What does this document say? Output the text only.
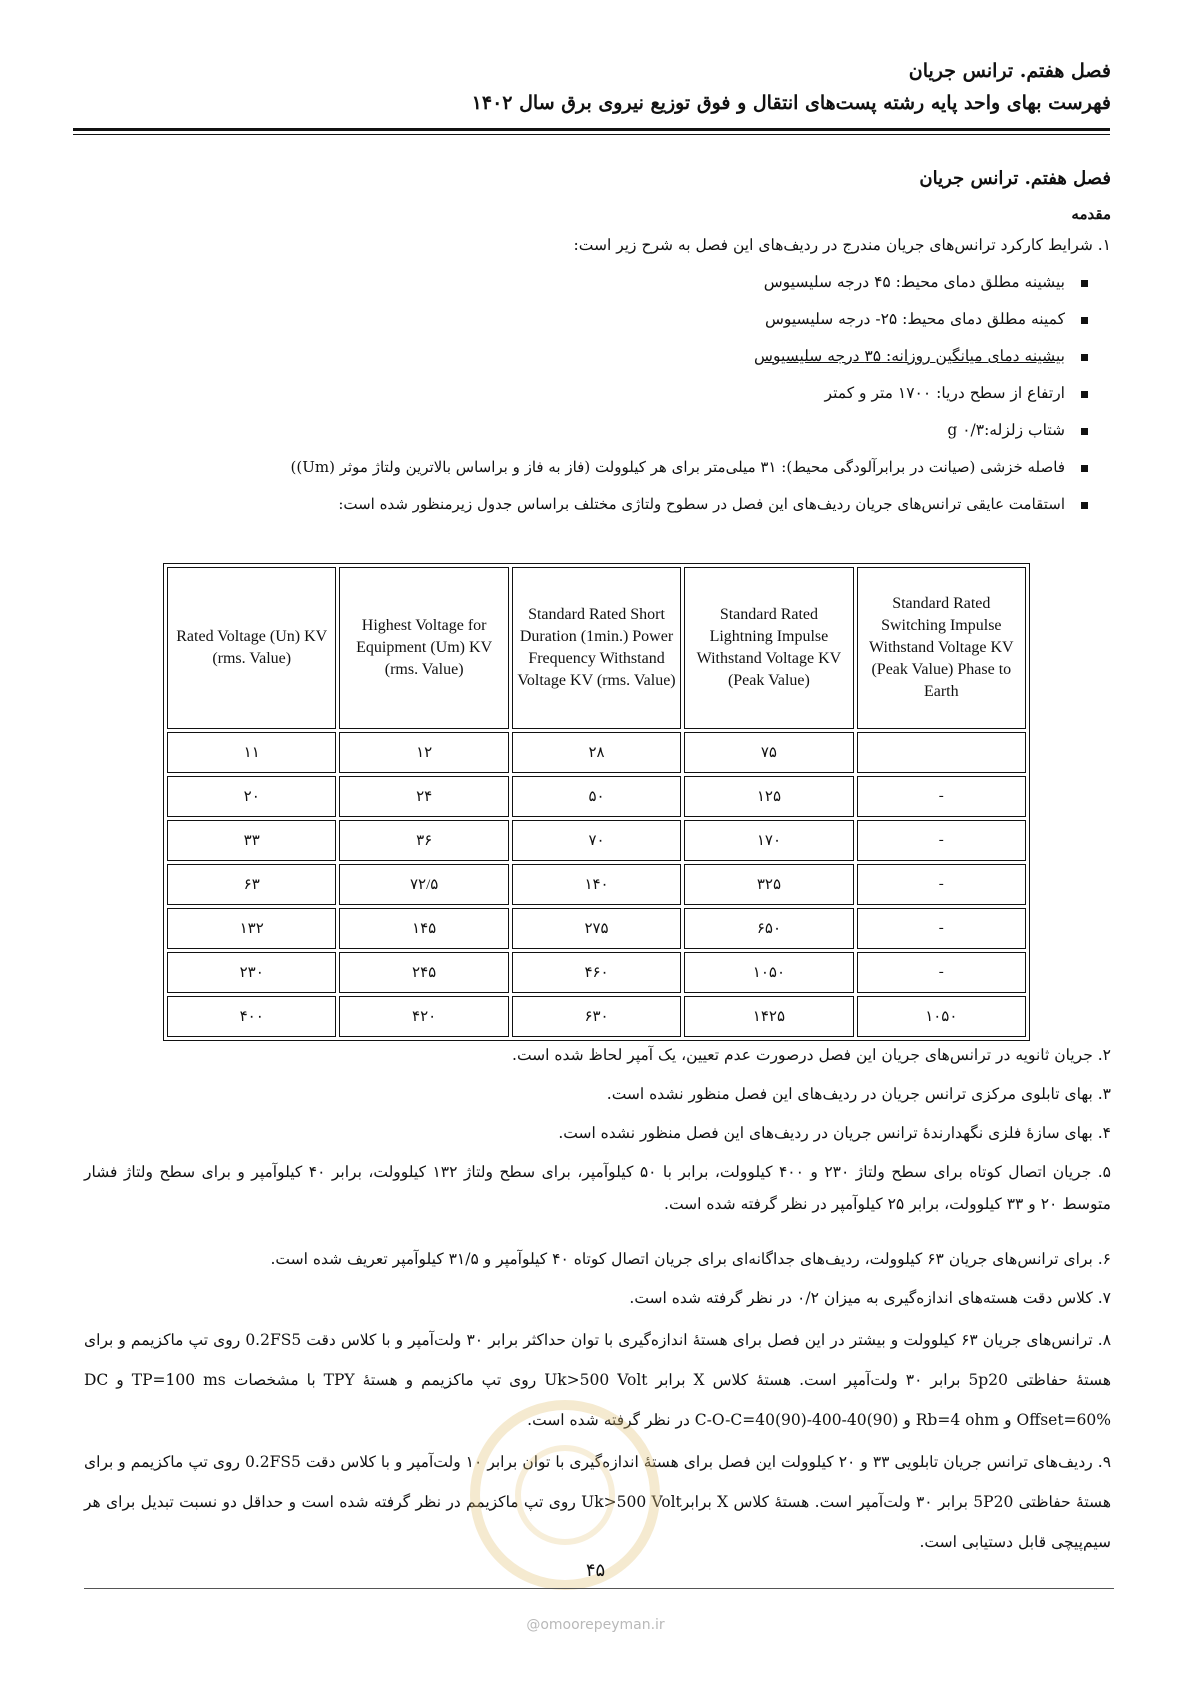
فصل هفتم. ترانس جریان
فهرست بهای واحد پایه رشته پست‌های انتقال و فوق توزیع نیروی برق سال ۱۴۰۲
فصل هفتم. ترانس جریان
مقدمه
۱. شرایط کارکرد ترانس‌های جریان مندرج در ردیف‌های این فصل به شرح زیر است:
بیشینه مطلق دمای محیط: ۴۵ درجه سلیسیوس
کمینه مطلق دمای محیط: ۲۵- درجه سلیسیوس
بیشینه دمای میانگین روزانه: ۳۵ درجه سلیسیوس
ارتفاع از سطح دریا: ۱۷۰۰ متر و کمتر
شتاب زلزله:g ۰/۳
فاصله خزشی (صیانت در برابرآلودگی محیط): ۳۱ میلی‌متر برای هر کیلوولت (فاز به فاز و براساس بالاترین ولتاژ موثر (Um))
استقامت عایقی ترانس‌های جریان ردیف‌های این فصل در سطوح ولتاژی مختلف براساس جدول زیرمنظور شده است:
Standard Rated Switching Impulse Withstand Voltage KV (Peak Value) Phase to Earth	Standard Rated Lightning Impulse Withstand Voltage KV (Peak Value)	Standard Rated Short Duration (1min.) Power Frequency Withstand Voltage KV (rms. Value)	Highest Voltage for Equipment (Um) KV (rms. Value)	Rated Voltage (Un) KV (rms. Value)
	۷۵	۲۸	۱۲	۱۱
-	۱۲۵	۵۰	۲۴	۲۰
-	۱۷۰	۷۰	۳۶	۳۳
-	۳۲۵	۱۴۰	۷۲/۵	۶۳
-	۶۵۰	۲۷۵	۱۴۵	۱۳۲
-	۱۰۵۰	۴۶۰	۲۴۵	۲۳۰
۱۰۵۰	۱۴۲۵	۶۳۰	۴۲۰	۴۰۰
۲. جریان ثانویه در ترانس‌های جریان این فصل درصورت عدم تعیین، یک آمپر لحاظ شده است.
۳. بهای تابلوی مرکزی ترانس جریان در ردیف‌های این فصل منظور نشده است.
۴. بهای سازهٔ فلزی نگهدارندهٔ ترانس جریان در ردیف‌های این فصل منظور نشده است.
۵. جریان اتصال کوتاه برای سطح ولتاژ ۲۳۰ و ۴۰۰ کیلوولت، برابر با ۵۰ کیلوآمپر، برای سطح ولتاژ ۱۳۲ کیلوولت، برابر ۴۰ کیلوآمپر و برای سطح ولتاژ فشار متوسط ۲۰ و ۳۳ کیلوولت، برابر ۲۵ کیلوآمپر در نظر گرفته شده است.
۶. برای ترانس‌های جریان ۶۳ کیلوولت، ردیف‌های جداگانه‌ای برای جریان اتصال کوتاه ۴۰ کیلوآمپر و ۳۱/۵ کیلوآمپر تعریف شده است.
۷. کلاس دقت هسته‌های اندازه‌گیری به میزان ۰/۲ در نظر گرفته شده است.
۸. ترانس‌های جریان ۶۳ کیلوولت و بیشتر در این فصل برای هستهٔ اندازه‌گیری با توان حداکثر برابر ۳۰ ولت‌آمپر و با کلاس دقت 0.2FS5 روی تپ ماکزیمم و برای هستهٔ حفاظتی 5p20 برابر ۳۰ ولت‌آمپر است. هستهٔ کلاس X برابر Uk>500 Volt روی تپ ماکزیمم و هستهٔ TPY با مشخصات TP=100 ms و DC Offset=60% و Rb=4 ohm و C-O-C=40(90)-400-40(90) در نظر گرفته شده است.
۹. ردیف‌های ترانس جریان تابلویی ۳۳ و ۲۰ کیلوولت این فصل برای هستهٔ اندازه‌گیری با توان برابر ۱۰ ولت‌آمپر و با کلاس دقت 0.2FS5 روی تپ ماکزیمم و برای هستهٔ حفاظتی 5P20 برابر ۳۰ ولت‌آمپر است. هستهٔ کلاس X برابرUk>500 Volt روی تپ ماکزیمم در نظر گرفته شده است و حداقل دو نسبت تبدیل برای هر سیم‌پیچی قابل دستیابی است.
۴۵
@omoorepeyman.ir
